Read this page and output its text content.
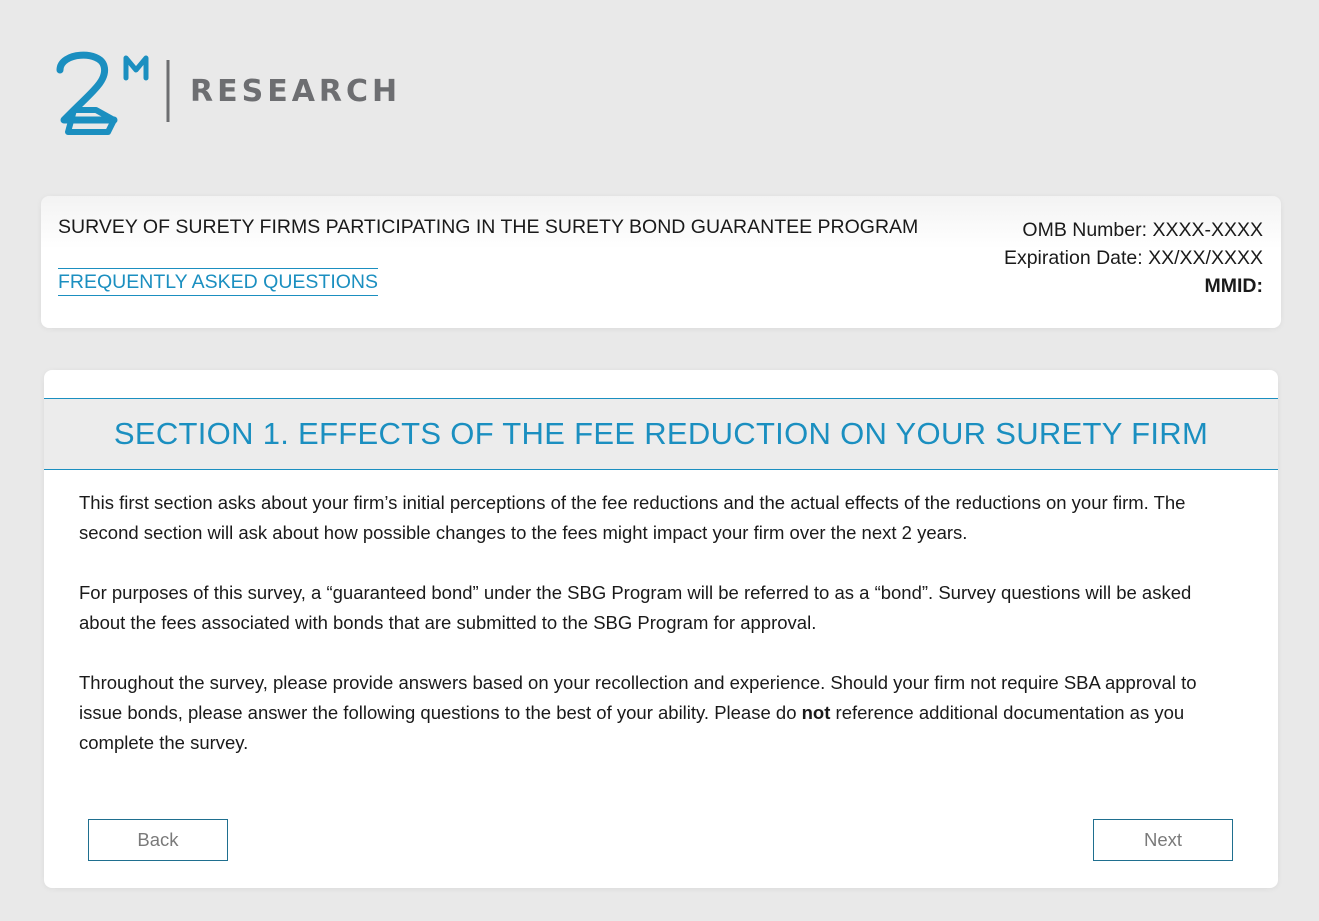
RESEARCH
SURVEY OF SURETY FIRMS PARTICIPATING IN THE SURETY BOND GUARANTEE PROGRAM
FREQUENTLY ASKED QUESTIONS
OMB Number: XXXX-XXXX
Expiration Date: XX/XX/XXXX
MMID:
SECTION 1. EFFECTS OF THE FEE REDUCTION ON YOUR SURETY FIRM

This first section asks about your firm’s initial perceptions of the fee reductions and the actual effects of the reductions on your firm. The second section will ask about how possible changes to the fees might impact your firm over the next 2 years.

For purposes of this survey, a “guaranteed bond” under the SBG Program will be referred to as a “bond”. Survey questions will be asked about the fees associated with bonds that are submitted to the SBG Program for approval.

Throughout the survey, please provide answers based on your recollection and experience. Should your firm not require SBA approval to issue bonds, please answer the following questions to the best of your ability. Please do not reference additional documentation as you complete the survey.

Back	Next
